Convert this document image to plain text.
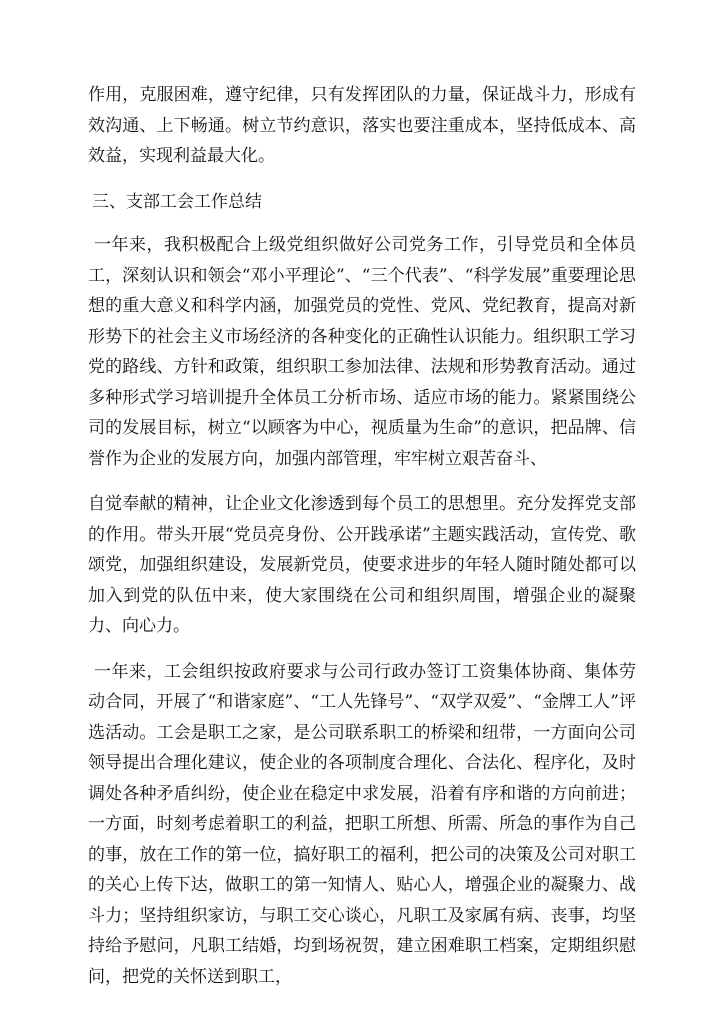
作用，克服困难，遵守纪律，只有发挥团队的力量，保证战斗力，形成有效沟通、上下畅通。树立节约意识，落实也要注重成本，坚持低成本、高效益，实现利益最大化。

三、支部工会工作总结

一年来，我积极配合上级党组织做好公司党务工作，引导党员和全体员工，深刻认识和领会“邓小平理论”、“三个代表”、“科学发展”重要理论思想的重大意义和科学内涵，加强党员的党性、党风、党纪教育，提高对新形势下的社会主义市场经济的各种变化的正确性认识能力。组织职工学习党的路线、方针和政策，组织职工参加法律、法规和形势教育活动。通过多种形式学习培训提升全体员工分析市场、适应市场的能力。紧紧围绕公司的发展目标，树立“以顾客为中心，视质量为生命”的意识，把品牌、信誉作为企业的发展方向，加强内部管理，牢牢树立艰苦奋斗、

自觉奉献的精神，让企业文化渗透到每个员工的思想里。充分发挥党支部的作用。带头开展“党员亮身份、公开践承诺”主题实践活动，宣传党、歌颂党，加强组织建设，发展新党员，使要求进步的年轻人随时随处都可以加入到党的队伍中来，使大家围绕在公司和组织周围，增强企业的凝聚力、向心力。

一年来，工会组织按政府要求与公司行政办签订工资集体协商、集体劳动合同，开展了“和谐家庭”、“工人先锋号”、“双学双爱”、“金牌工人”评选活动。工会是职工之家，是公司联系职工的桥梁和纽带，一方面向公司领导提出合理化建议，使企业的各项制度合理化、合法化、程序化，及时调处各种矛盾纠纷，使企业在稳定中求发展，沿着有序和谐的方向前进；一方面，时刻考虑着职工的利益，把职工所想、所需、所急的事作为自己的事，放在工作的第一位，搞好职工的福利，把公司的决策及公司对职工的关心上传下达，做职工的第一知情人、贴心人，增强企业的凝聚力、战斗力；坚持组织家访，与职工交心谈心，凡职工及家属有病、丧事，均坚持给予慰问，凡职工结婚，均到场祝贺，建立困难职工档案，定期组织慰问，把党的关怀送到职工，
